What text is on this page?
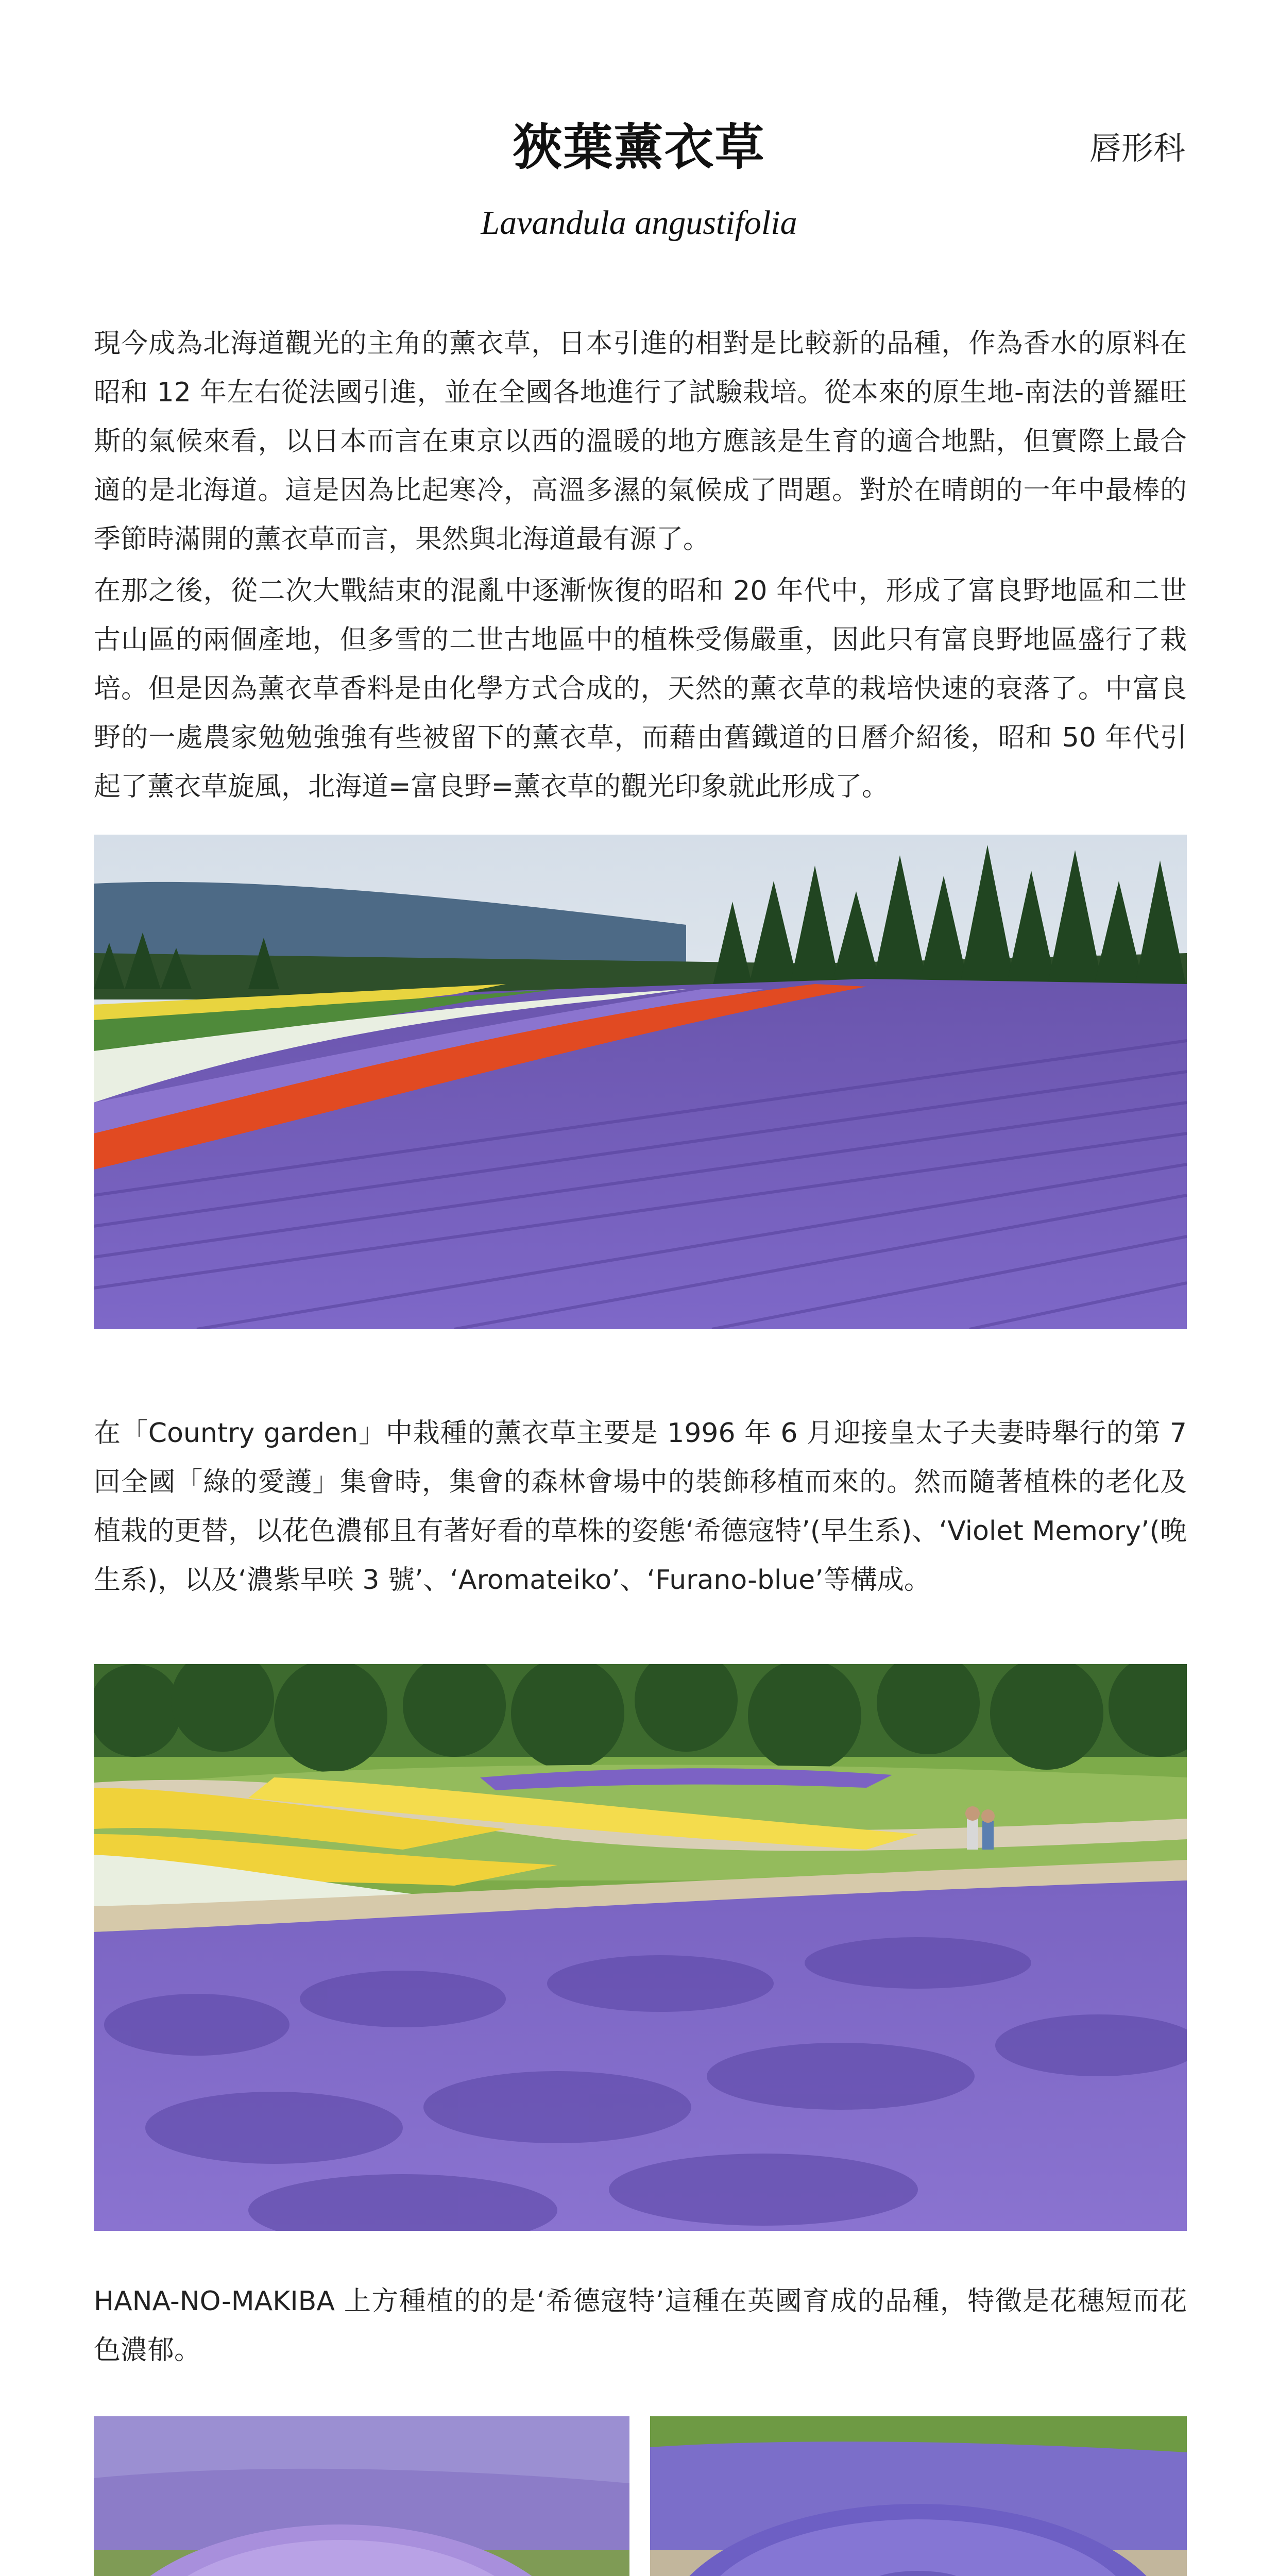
狹葉薰衣草	唇形科
Lavandula angustifolia
現今成為北海道觀光的主角的薰衣草，日本引進的相對是比較新的品種，作為香水的原料在昭和 12 年左右從法國引進，並在全國各地進行了試驗栽培。從本來的原生地-南法的普羅旺斯的氣候來看，以日本而言在東京以西的溫暖的地方應該是生育的適合地點，但實際上最合適的是北海道。這是因為比起寒冷，高溫多濕的氣候成了問題。對於在晴朗的一年中最棒的季節時滿開的薰衣草而言，果然與北海道最有源了。
在那之後，從二次大戰結束的混亂中逐漸恢復的昭和 20 年代中，形成了富良野地區和二世古山區的兩個產地，但多雪的二世古地區中的植株受傷嚴重，因此只有富良野地區盛行了栽培。但是因為薰衣草香料是由化學方式合成的，天然的薰衣草的栽培快速的衰落了。中富良野的一處農家勉勉強強有些被留下的薰衣草，而藉由舊鐵道的日曆介紹後，昭和 50 年代引起了薰衣草旋風，北海道=富良野=薰衣草的觀光印象就此形成了。
在「Country garden」中栽種的薰衣草主要是 1996 年 6 月迎接皇太子夫妻時舉行的第 7 回全國「綠的愛護」集會時，集會的森林會場中的裝飾移植而來的。然而隨著植株的老化及植栽的更替，以花色濃郁且有著好看的草株的姿態‘希德寇特’(早生系)、‘Violet Memory’(晚生系)，以及‘濃紫早咲 3 號’、‘Aromateiko’、‘Furano-blue’等構成。
HANA-NO-MAKIBA 上方種植的的是‘希德寇特’這種在英國育成的品種，特徵是花穗短而花色濃郁。
